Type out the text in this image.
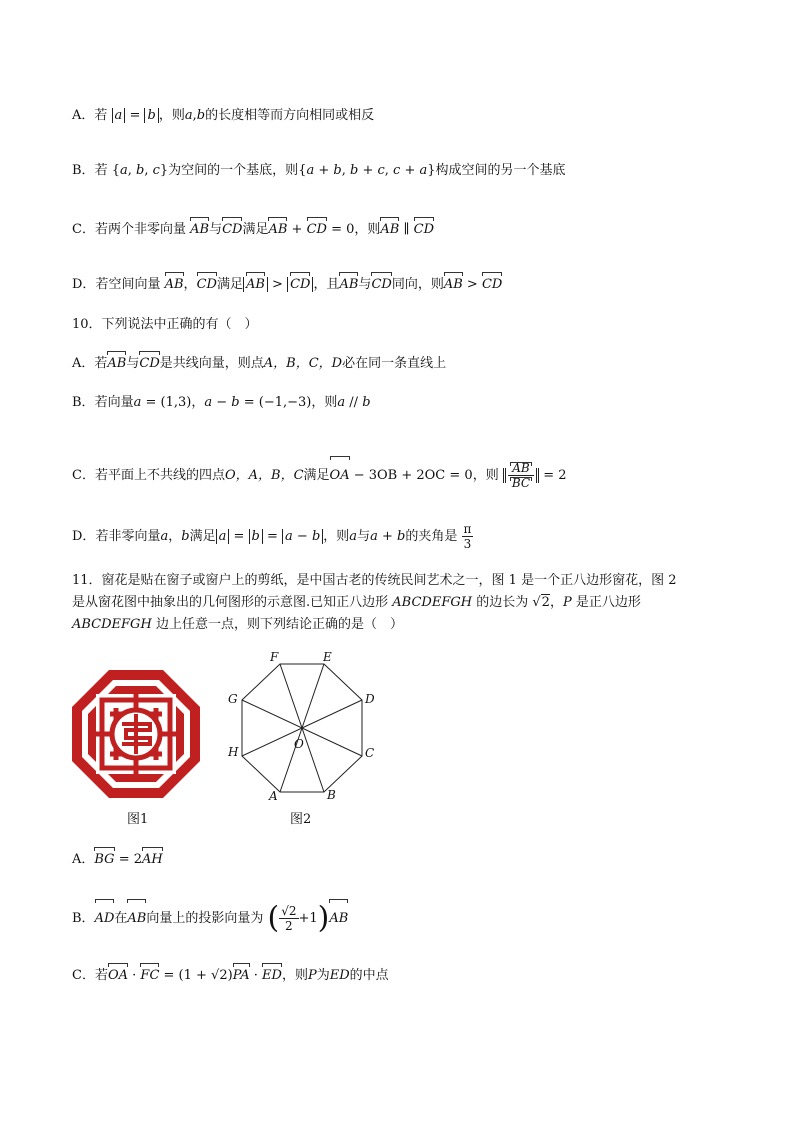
A．若 a = b ，则a,b的长度相等而方向相同或相反
B．若 {a, b, c}为空间的一个基底，则{a + b, b + c, c + a}构成空间的另一个基底
C．若两个非零向量 AB与CD满足AB + CD = 0，则AB ∥ CD
D．若空间向量 AB，CD满足 AB > CD ，且AB与CD同向，则AB > CD
10．下列说法中正确的有（　）
A．若AB与CD是共线向量，则点A，B，C，D必在同一条直线上
B．若向量a = (1,3)，a − b = (−1,−3)，则a // b
C．若平面上不共线的四点O，A，B，C满足OA − 3OB + 2OC = 0，则 $\frac{AB}{BC} = 2$
D．若非零向量a，b满足 a = b = a − b ，则a与a + b的夹角是 $\frac{\pi}{3}$
11．窗花是贴在窗子或窗户上的剪纸，是中国古老的传统民间艺术之一，图 1 是一个正八边形窗花，图 2
是从窗花图中抽象出的几何图形的示意图.已知正八边形 ABCDEFGH 的边长为 √2，P 是正八边形
ABCDEFGH 边上任意一点，则下列结论正确的是（　）
图1
F	E
G	D
O
H	C
A	B
图2
A．BG = 2AH
B．AD在AB向量上的投影向量为 ( $\frac{√2}{2} +1)AB$
C．若OA · FC = (1 + √2)PA · ED，则P为ED的中点
